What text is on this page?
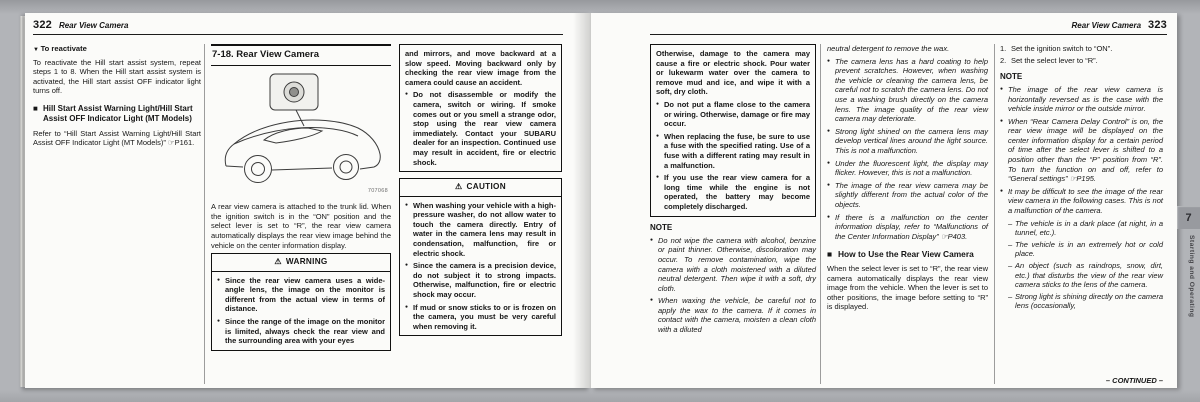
322 Rear View Camera
▼ To reactivate

To reactivate the Hill start assist system, repeat steps 1 to 8. When the Hill start assist system is activated, the Hill start assist OFF indicator light turns off.

■ Hill Start Assist Warning Light/Hill Start Assist OFF Indicator Light (MT Models)

Refer to “Hill Start Assist Warning Light/Hill Start Assist OFF Indicator Light (MT Models)” ☞P161.

7-18. Rear View Camera
707068

A rear view camera is attached to the trunk lid. When the ignition switch is in the “ON” position and the select lever is set to “R”, the rear view camera automatically displays the rear view image behind the vehicle on the center information display.

⚠ WARNING
● Since the rear view camera uses a wide-angle lens, the image on the monitor is different from the actual view in terms of distance.
● Since the range of the image on the monitor is limited, always check the rear view and the surrounding area with your eyes

and mirrors, and move backward at a slow speed. Moving backward only by checking the rear view image from the camera could cause an accident.

● Do not disassemble or modify the camera, switch or wiring. If smoke comes out or you smell a strange odor, stop using the rear view camera immediately. Contact your SUBARU dealer for an inspection. Continued use may result in accident, fire or electric shock.
⚠ CAUTION
● When washing your vehicle with a high-pressure washer, do not allow water to touch the camera directly. Entry of water in the camera lens may result in condensation, malfunction, fire or electric shock.
● Since the camera is a precision device, do not subject it to strong impacts. Otherwise, malfunction, fire or electric shock may occur.
● If mud or snow sticks to or is frozen on the camera, you must be very careful when removing it.
Rear View Camera 323

Otherwise, damage to the camera may cause a fire or electric shock. Pour water or lukewarm water over the camera to remove mud and ice, and wipe it with a soft, dry cloth.

● Do not put a flame close to the camera or wiring. Otherwise, damage or fire may occur.
● When replacing the fuse, be sure to use a fuse with the specified rating. Use of a fuse with a different rating may result in a malfunction.
● If you use the rear view camera for a long time while the engine is not operated, the battery may become completely discharged.
NOTE
● Do not wipe the camera with alcohol, benzine or paint thinner. Otherwise, discoloration may occur. To remove contamination, wipe the camera with a cloth moistened with a diluted neutral detergent. Then wipe it with a soft, dry cloth.
● When waxing the vehicle, be careful not to apply the wax to the camera. If it comes in contact with the camera, moisten a clean cloth with a diluted
neutral detergent to remove the wax.
● The camera lens has a hard coating to help prevent scratches. However, when washing the vehicle or cleaning the camera lens, be careful not to scratch the camera lens. Do not use a washing brush directly on the camera lens. The image quality of the rear view camera may deteriorate.
● Strong light shined on the camera lens may develop vertical lines around the light source. This is not a malfunction.
● Under the fluorescent light, the display may flicker. However, this is not a malfunction.
● The image of the rear view camera may be slightly different from the actual color of the objects.
● If there is a malfunction on the center information display, refer to “Malfunctions of the Center Information Display” ☞P403.
■ How to Use the Rear View Camera

When the select lever is set to “R”, the rear view camera automatically displays the rear view image from the vehicle. When the lever is set to other positions, the image before setting to “R” is displayed.

Set the ignition switch to “ON”.
Set the select lever to “R”.
NOTE
● The image of the rear view camera is horizontally reversed as is the case with the vehicle inside mirror or the outside mirror.
● When “Rear Camera Delay Control” is on, the rear view image will be displayed on the center information display for a certain period of time after the select lever is shifted to a position other than the “P” position from “R”. To turn the function on and off, refer to “General settings” ☞P195.
● It may be difficult to see the image of the rear view camera in the following cases. This is not a malfunction of the camera.
– The vehicle is in a dark place (at night, in a tunnel, etc.).
– The vehicle is in an extremely hot or cold place.
– An object (such as raindrops, snow, dirt, etc.) that disturbs the view of the rear view camera sticks to the lens of the camera.
– Strong light is shining directly on the camera lens (occasionally,
– CONTINUED –
7
Starting and Operating
